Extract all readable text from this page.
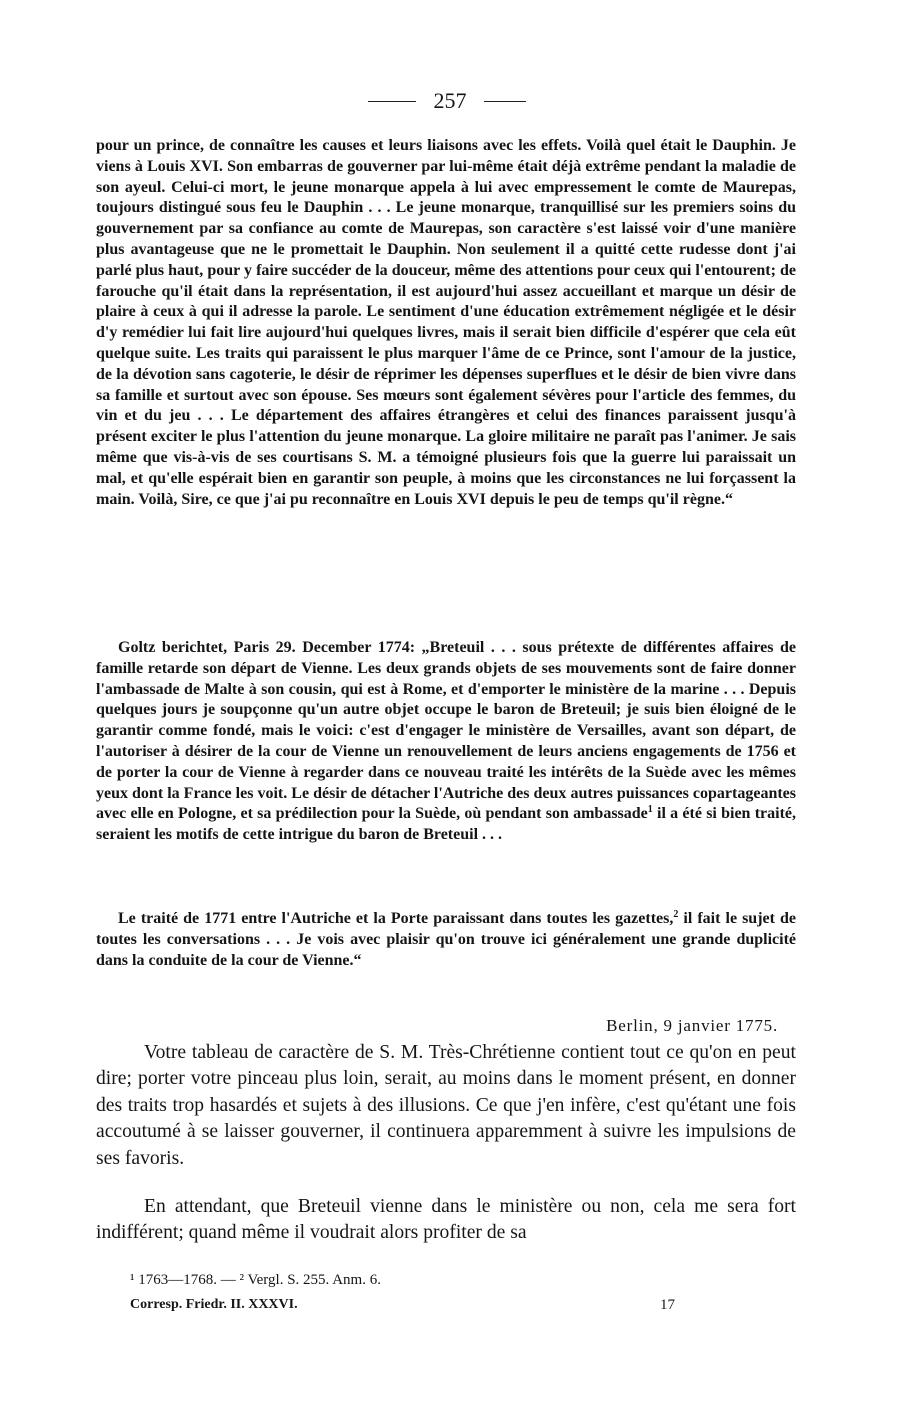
257

pour un prince, de connaître les causes et leurs liaisons avec les effets. Voilà quel était le Dauphin. Je viens à Louis XVI. Son embarras de gouverner par lui-même était déjà extrême pendant la maladie de son ayeul. Celui-ci mort, le jeune monarque appela à lui avec empressement le comte de Maurepas, toujours distingué sous feu le Dauphin . . . Le jeune monarque, tranquillisé sur les premiers soins du gouvernement par sa confiance au comte de Maurepas, son caractère s'est laissé voir d'une manière plus avantageuse que ne le promettait le Dauphin. Non seulement il a quitté cette rudesse dont j'ai parlé plus haut, pour y faire succéder de la douceur, même des attentions pour ceux qui l'entourent; de farouche qu'il était dans la représentation, il est aujourd'hui assez accueillant et marque un désir de plaire à ceux à qui il adresse la parole. Le sentiment d'une éducation extrêmement négligée et le désir d'y remédier lui fait lire aujourd'hui quelques livres, mais il serait bien difficile d'espérer que cela eût quelque suite. Les traits qui paraissent le plus marquer l'âme de ce Prince, sont l'amour de la justice, de la dévotion sans cagoterie, le désir de réprimer les dépenses superflues et le désir de bien vivre dans sa famille et surtout avec son épouse. Ses mœurs sont également sévères pour l'article des femmes, du vin et du jeu . . . Le département des affaires étrangères et celui des finances paraissent jusqu'à présent exciter le plus l'attention du jeune monarque. La gloire militaire ne paraît pas l'animer. Je sais même que vis-à-vis de ses courtisans S. M. a témoigné plusieurs fois que la guerre lui paraissait un mal, et qu'elle espérait bien en garantir son peuple, à moins que les circonstances ne lui forçassent la main. Voilà, Sire, ce que j'ai pu reconnaître en Louis XVI depuis le peu de temps qu'il règne.“

Goltz berichtet, Paris 29. December 1774: „Breteuil . . . sous prétexte de différentes affaires de famille retarde son départ de Vienne. Les deux grands objets de ses mouvements sont de faire donner l'ambassade de Malte à son cousin, qui est à Rome, et d'emporter le ministère de la marine . . . Depuis quelques jours je soupçonne qu'un autre objet occupe le baron de Breteuil; je suis bien éloigné de le garantir comme fondé, mais le voici: c'est d'engager le ministère de Versailles, avant son départ, de l'autoriser à désirer de la cour de Vienne un renouvellement de leurs anciens engagements de 1756 et de porter la cour de Vienne à regarder dans ce nouveau traité les intérêts de la Suède avec les mêmes yeux dont la France les voit. Le désir de détacher l'Autriche des deux autres puissances copartageantes avec elle en Pologne, et sa prédilection pour la Suède, où pendant son ambassade$^1$ il a été si bien traité, seraient les motifs de cette intrigue du baron de Breteuil . . .

Le traité de 1771 entre l'Autriche et la Porte paraissant dans toutes les gazettes,$^2$ il fait le sujet de toutes les conversations . . . Je vois avec plaisir qu'on trouve ici généralement une grande duplicité dans la conduite de la cour de Vienne.“

Berlin, 9 janvier 1775.

Votre tableau de caractère de S. M. Très-Chrétienne contient tout ce qu'on en peut dire; porter votre pinceau plus loin, serait, au moins dans le moment présent, en donner des traits trop hasardés et sujets à des illusions. Ce que j'en infère, c'est qu'étant une fois accoutumé à se laisser gouverner, il continuera apparemment à suivre les impulsions de ses favoris.

En attendant, que Breteuil vienne dans le ministère ou non, cela me sera fort indifférent; quand même il voudrait alors profiter de sa

¹ 1763—1768. — ² Vergl. S. 255. Anm. 6.
Corresp. Friedr. II. XXXVI.	17
